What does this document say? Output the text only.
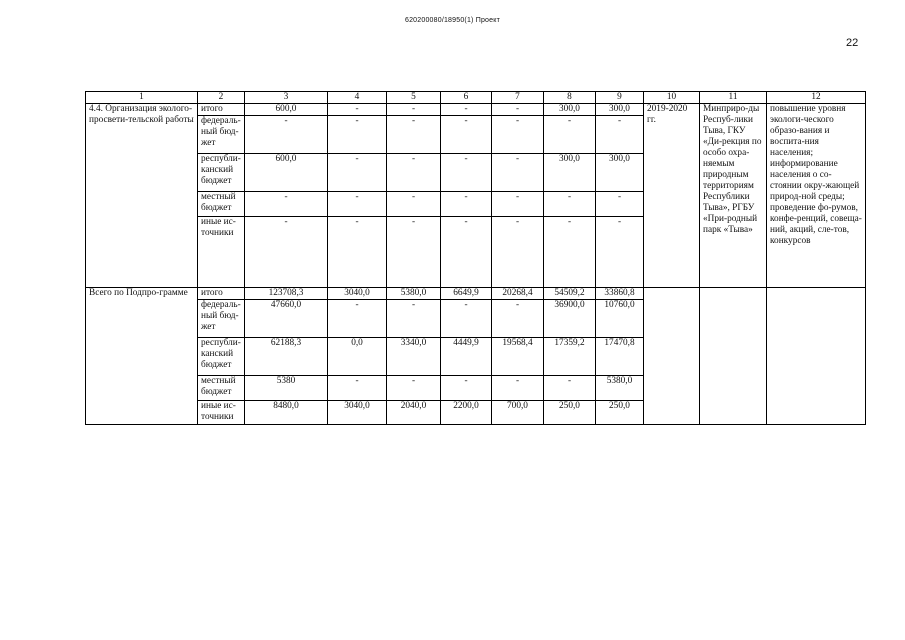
620200080/18950(1) Проект
22
1	2	3	4	5	6	7	8	9	10	11	12
4.4. Организация эколого-просвети-тельской работы	итого	600,0	-	-	-	-	300,0	300,0	2019-2020 гг.	Минприро-ды Респуб-лики Тыва, ГКУ «Ди-рекция по особо охра-няемым природным территориям Республики Тыва», РГБУ «При-родный парк «Тыва»	повышение уровня экологи-ческого образо-вания и воспита-ния населения; информирование населения о со-стоянии окру-жающей природ-ной среды; проведение фо-румов, конфе-ренций, совеща-ний, акций, сле-тов, конкурсов
	федераль-ный бюд-жет	-	-	-	-	-	-	-			
	республи-канский бюджет	600,0	-	-	-	-	300,0	300,0			
	местный бюджет	-	-	-	-	-	-	-			
	иные ис-точники	-	-	-	-	-	-	-			
Всего по Подпро-грамме	итого	123708,3	3040,0	5380,0	6649,9	20268,4	54509,2	33860,8			
	федераль-ный бюд-жет	47660,0	-	-	-	-	36900,0	10760,0			
	республи-канский бюджет	62188,3	0,0	3340,0	4449,9	19568,4	17359,2	17470,8			
	местный бюджет	5380	-	-	-	-	-	5380,0			
	иные ис-точники	8480,0	3040,0	2040,0	2200,0	700,0	250,0	250,0			
